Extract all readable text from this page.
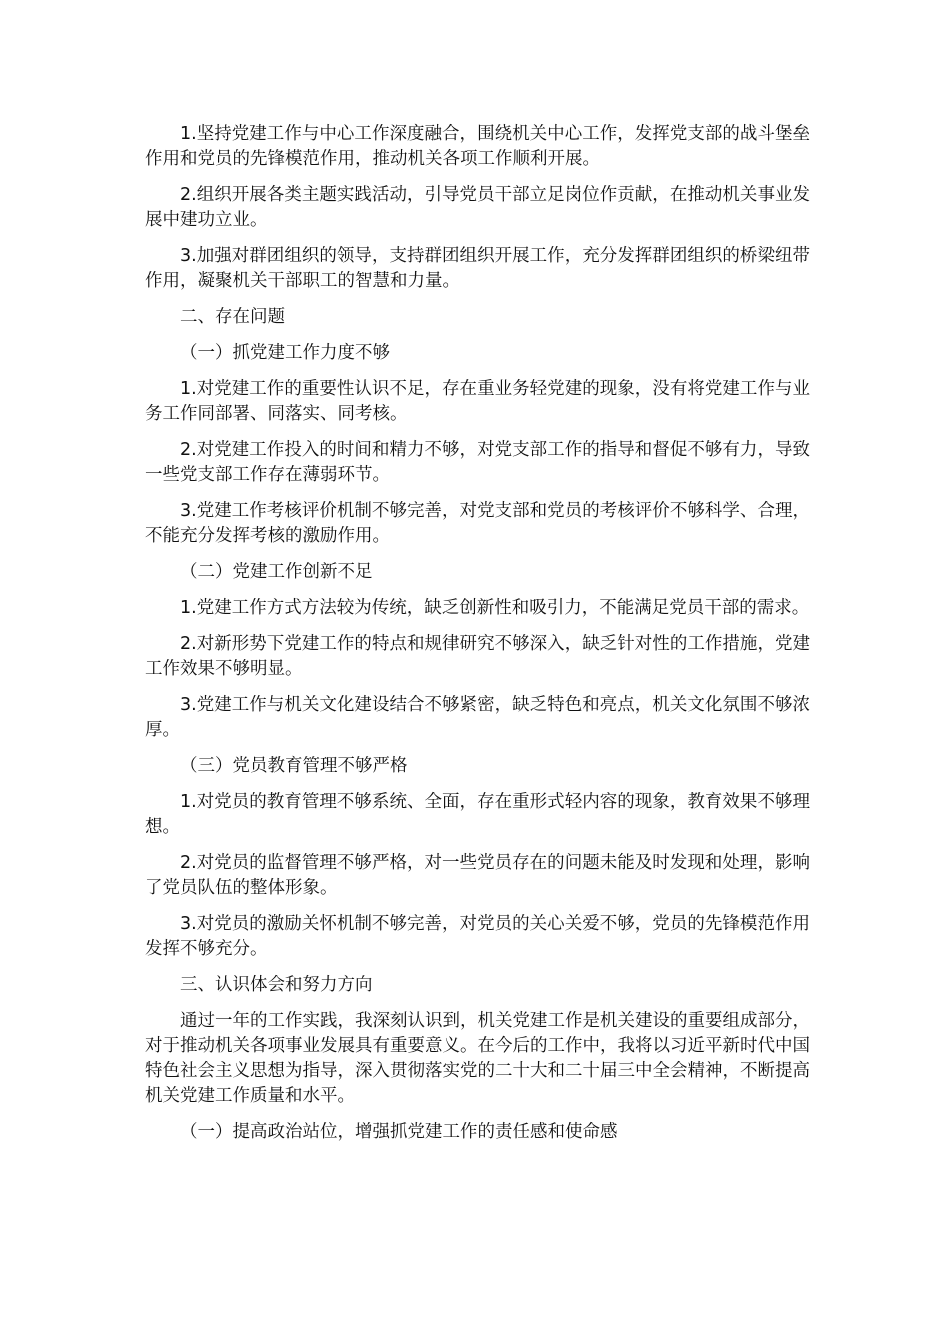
1.坚持党建工作与中心工作深度融合，围绕机关中心工作，发挥党支部的战斗堡垒作用和党员的先锋模范作用，推动机关各项工作顺利开展。

2.组织开展各类主题实践活动，引导党员干部立足岗位作贡献，在推动机关事业发展中建功立业。

3.加强对群团组织的领导，支持群团组织开展工作，充分发挥群团组织的桥梁纽带作用，凝聚机关干部职工的智慧和力量。

二、存在问题

（一）抓党建工作力度不够

1.对党建工作的重要性认识不足，存在重业务轻党建的现象，没有将党建工作与业务工作同部署、同落实、同考核。

2.对党建工作投入的时间和精力不够，对党支部工作的指导和督促不够有力，导致一些党支部工作存在薄弱环节。

3.党建工作考核评价机制不够完善，对党支部和党员的考核评价不够科学、合理，不能充分发挥考核的激励作用。

（二）党建工作创新不足

1.党建工作方式方法较为传统，缺乏创新性和吸引力，不能满足党员干部的需求。

2.对新形势下党建工作的特点和规律研究不够深入，缺乏针对性的工作措施，党建工作效果不够明显。

3.党建工作与机关文化建设结合不够紧密，缺乏特色和亮点，机关文化氛围不够浓厚。

（三）党员教育管理不够严格

1.对党员的教育管理不够系统、全面，存在重形式轻内容的现象，教育效果不够理想。

2.对党员的监督管理不够严格，对一些党员存在的问题未能及时发现和处理，影响了党员队伍的整体形象。

3.对党员的激励关怀机制不够完善，对党员的关心关爱不够，党员的先锋模范作用发挥不够充分。

三、认识体会和努力方向

通过一年的工作实践，我深刻认识到，机关党建工作是机关建设的重要组成部分，对于推动机关各项事业发展具有重要意义。在今后的工作中，我将以习近平新时代中国特色社会主义思想为指导，深入贯彻落实党的二十大和二十届三中全会精神，不断提高机关党建工作质量和水平。

（一）提高政治站位，增强抓党建工作的责任感和使命感
